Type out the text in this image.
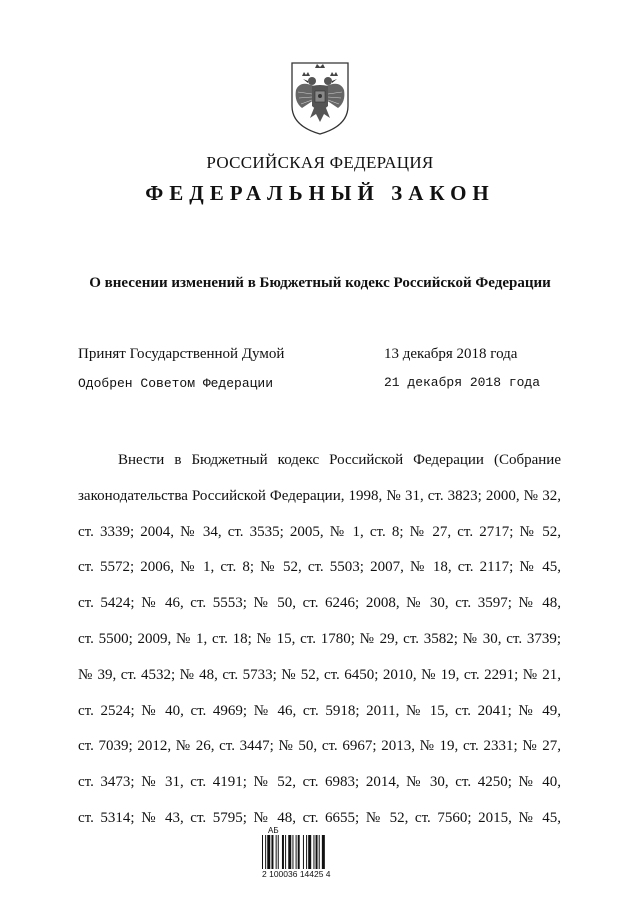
РОССИЙСКАЯ ФЕДЕРАЦИЯ
ФЕДЕРАЛЬНЫЙ ЗАКОН
О внесении изменений в Бюджетный кодекс Российской Федерации
Принят Государственной Думой	13 декабря 2018 года
Одобрен Советом Федерации	21 декабря 2018 года
Внести в Бюджетный кодекс Российской Федерации (Собрание
законодательства Российской Федерации, 1998, № 31, ст. 3823; 2000, № 32,
ст. 3339; 2004, № 34, ст. 3535; 2005, № 1, ст. 8; № 27, ст. 2717; № 52,
ст. 5572; 2006, № 1, ст. 8; № 52, ст. 5503; 2007, № 18, ст. 2117; № 45,
ст. 5424; № 46, ст. 5553; № 50, ст. 6246; 2008, № 30, ст. 3597; № 48,
ст. 5500; 2009, № 1, ст. 18; № 15, ст. 1780; № 29, ст. 3582; № 30, ст. 3739;
№ 39, ст. 4532; № 48, ст. 5733; № 52, ст. 6450; 2010, № 19, ст. 2291; № 21,
ст. 2524; № 40, ст. 4969; № 46, ст. 5918; 2011, № 15, ст. 2041; № 49,
ст. 7039; 2012, № 26, ст. 3447; № 50, ст. 6967; 2013, № 19, ст. 2331; № 27,
ст. 3473; № 31, ст. 4191; № 52, ст. 6983; 2014, № 30, ст. 4250; № 40,
ст. 5314; № 43, ст. 5795; № 48, ст. 6655; № 52, ст. 7560; 2015, № 45,
АБ
2 100036 14425 4
